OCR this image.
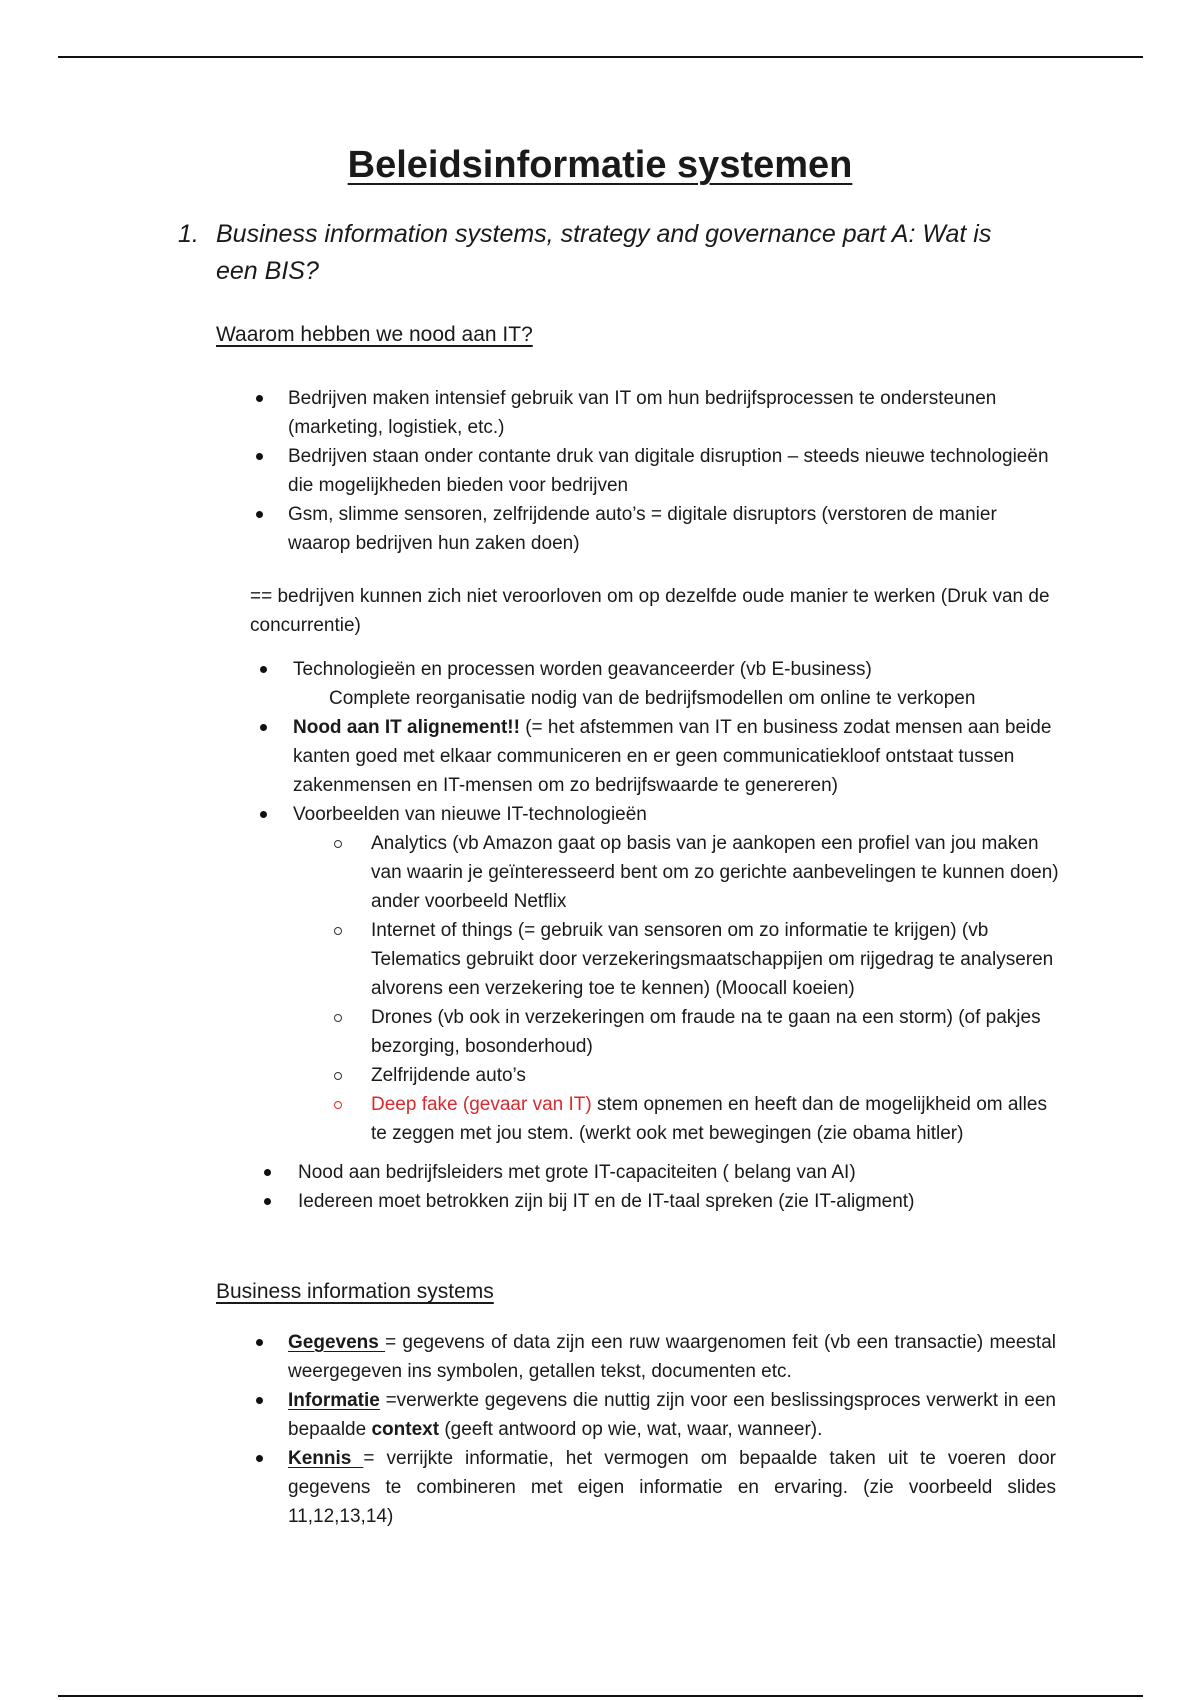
Beleidsinformatie systemen
1. Business information systems, strategy and governance part A: Wat is een BIS?
Waarom hebben we nood aan IT?
Bedrijven maken intensief gebruik van IT om hun bedrijfsprocessen te ondersteunen (marketing, logistiek, etc.)
Bedrijven staan onder contante druk van digitale disruption – steeds nieuwe technologieën die mogelijkheden bieden voor bedrijven
Gsm, slimme sensoren, zelfrijdende auto’s = digitale disruptors (verstoren de manier waarop bedrijven hun zaken doen)
== bedrijven kunnen zich niet veroorloven om op dezelfde oude manier te werken (Druk van de concurrentie)
Technologieën en processen worden geavanceerder (vb E-business)
Complete reorganisatie nodig van de bedrijfsmodellen om online te verkopen
Nood aan IT alignement!! (= het afstemmen van IT en business zodat mensen aan beide kanten goed met elkaar communiceren en er geen communicatiekloof ontstaat tussen zakenmensen en IT-mensen om zo bedrijfswaarde te genereren)
Voorbeelden van nieuwe IT-technologieën
Analytics (vb Amazon gaat op basis van je aankopen een profiel van jou maken van waarin je geïnteresseerd bent om zo gerichte aanbevelingen te kunnen doen) ander voorbeeld Netflix
Internet of things (= gebruik van sensoren om zo informatie te krijgen) (vb Telematics gebruikt door verzekeringsmaatschappijen om rijgedrag te analyseren alvorens een verzekering toe te kennen) (Moocall koeien)
Drones (vb ook in verzekeringen om fraude na te gaan na een storm) (of pakjes bezorging, bosonderhoud)
Zelfrijdende auto’s
Deep fake (gevaar van IT) stem opnemen en heeft dan de mogelijkheid om alles te zeggen met jou stem. (werkt ook met bewegingen (zie obama hitler)
Nood aan bedrijfsleiders met grote IT-capaciteiten ( belang van AI)
Iedereen moet betrokken zijn bij IT en de IT-taal spreken (zie IT-aligment)
Business information systems
Gegevens = gegevens of data zijn een ruw waargenomen feit (vb een transactie) meestal weergegeven ins symbolen, getallen tekst, documenten etc.
Informatie =verwerkte gegevens die nuttig zijn voor een beslissingsproces verwerkt in een bepaalde context (geeft antwoord op wie, wat, waar, wanneer).
Kennis = verrijkte informatie, het vermogen om bepaalde taken uit te voeren door gegevens te combineren met eigen informatie en ervaring. (zie voorbeeld slides 11,12,13,14)
